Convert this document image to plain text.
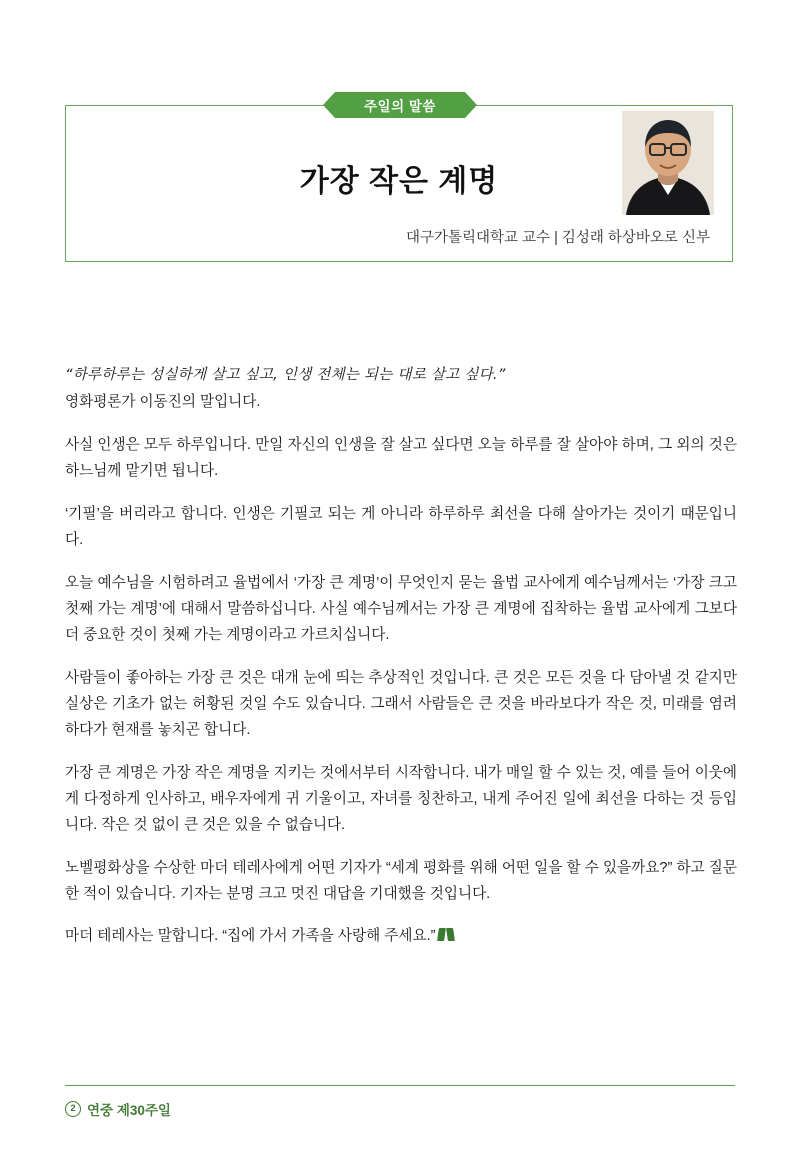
주일의 말씀
가장 작은 계명
대구가톨릭대학교 교수 | 김성래 하상바오로 신부

“하루하루는 성실하게 살고 싶고, 인생 전체는 되는 대로 살고 싶다.”

영화평론가 이동진의 말입니다.

사실 인생은 모두 하루입니다. 만일 자신의 인생을 잘 살고 싶다면 오늘 하루를 잘 살아야 하며, 그 외의 것은 하느님께 맡기면 됩니다.

‘기필’을 버리라고 합니다. 인생은 기필코 되는 게 아니라 하루하루 최선을 다해 살아가는 것이기 때문입니다.

오늘 예수님을 시험하려고 율법에서 ‘가장 큰 계명’이 무엇인지 묻는 율법 교사에게 예수님께서는 ‘가장 크고 첫째 가는 계명’에 대해서 말씀하십니다. 사실 예수님께서는 가장 큰 계명에 집착하는 율법 교사에게 그보다 더 중요한 것이 첫째 가는 계명이라고 가르치십니다.

사람들이 좋아하는 가장 큰 것은 대개 눈에 띄는 추상적인 것입니다. 큰 것은 모든 것을 다 담아낼 것 같지만 실상은 기초가 없는 허황된 것일 수도 있습니다. 그래서 사람들은 큰 것을 바라보다가 작은 것, 미래를 염려하다가 현재를 놓치곤 합니다.

가장 큰 계명은 가장 작은 계명을 지키는 것에서부터 시작합니다. 내가 매일 할 수 있는 것, 예를 들어 이웃에게 다정하게 인사하고, 배우자에게 귀 기울이고, 자녀를 칭찬하고, 내게 주어진 일에 최선을 다하는 것 등입니다. 작은 것 없이 큰 것은 있을 수 없습니다.

노벨평화상을 수상한 마더 테레사에게 어떤 기자가 “세계 평화를 위해 어떤 일을 할 수 있을까요?” 하고 질문한 적이 있습니다. 기자는 분명 크고 멋진 대답을 기대했을 것입니다.

마더 테레사는 말합니다. “집에 가서 가족을 사랑해 주세요.”

2 연중 제30주일
